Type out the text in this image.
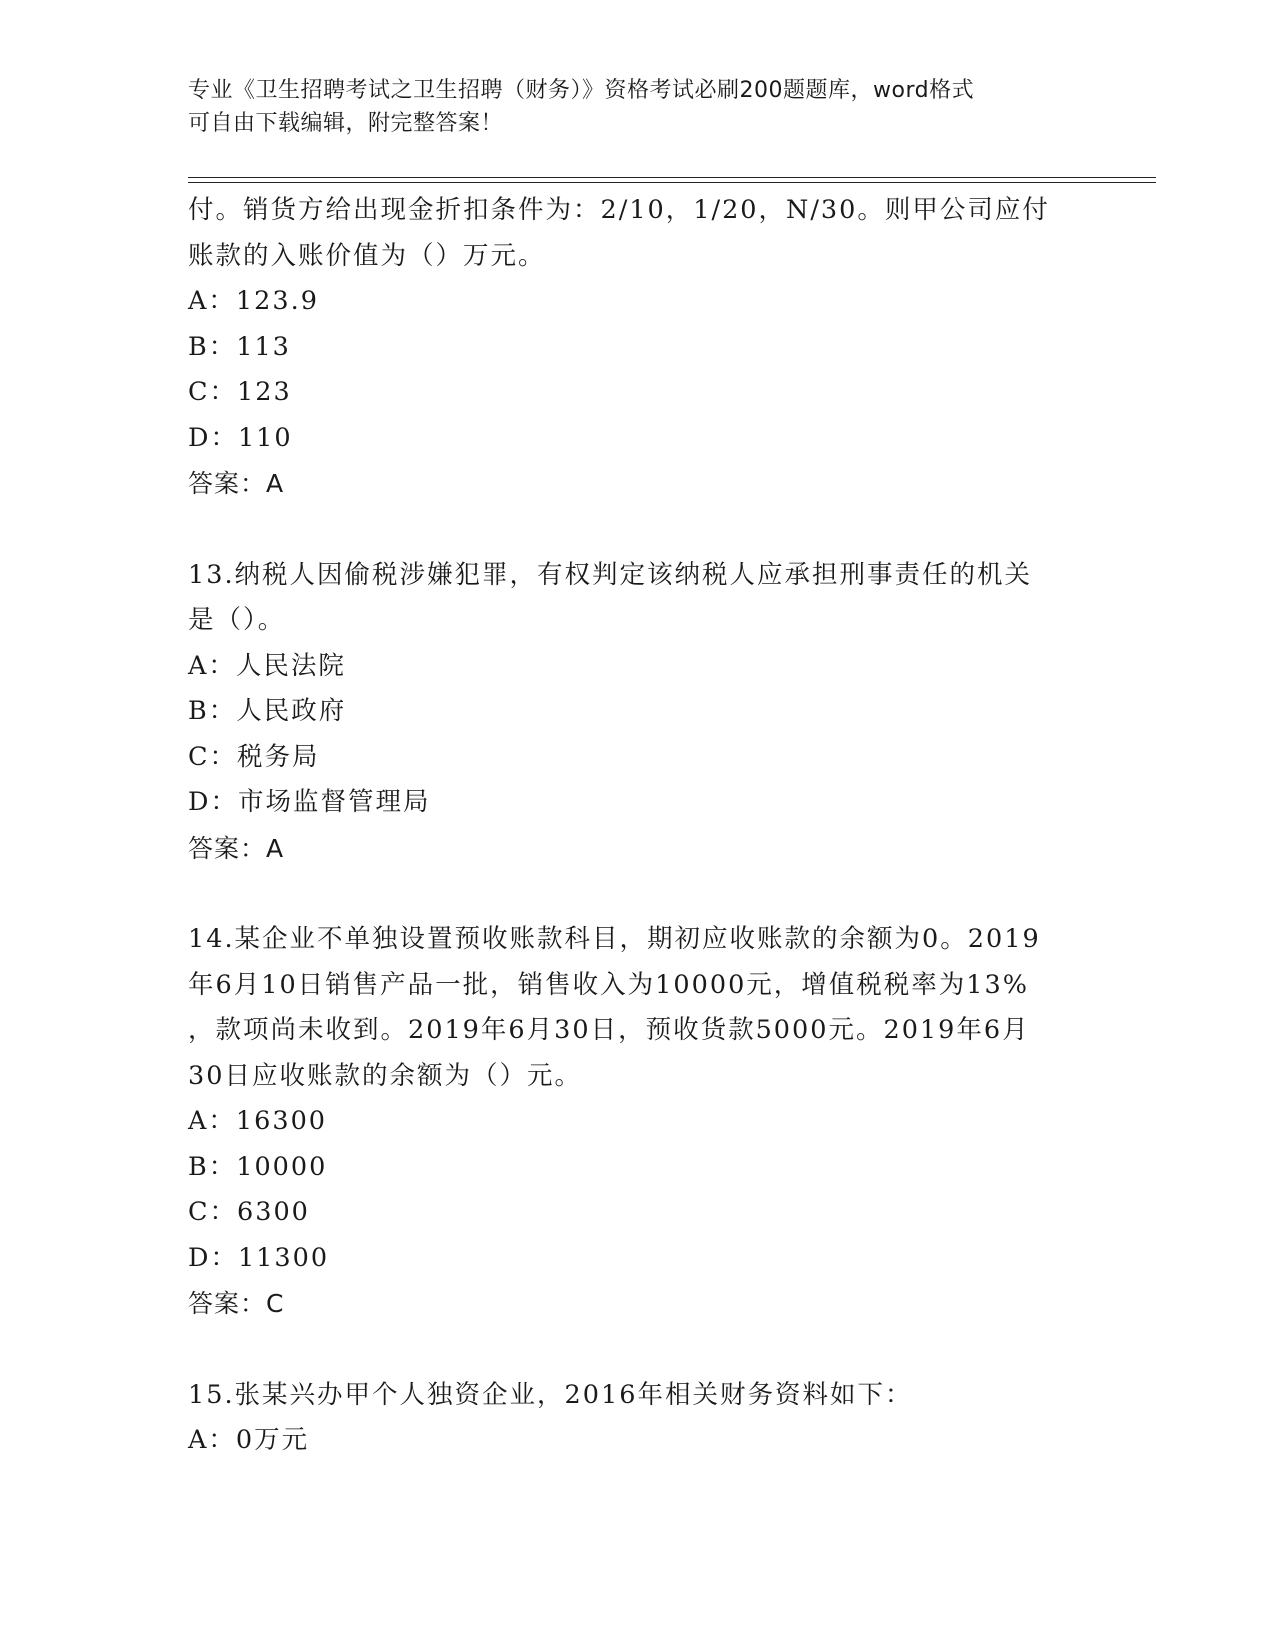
专业《卫生招聘考试之卫生招聘（财务）》资格考试必刷200题题库，word格式
可自由下载编辑，附完整答案！
付。销货方给出现金折扣条件为：2/10，1/20，N/30。则甲公司应付
账款的入账价值为（）万元。
A：123.9
B：113
C：123
D：110
答案：A
13.纳税人因偷税涉嫌犯罪，有权判定该纳税人应承担刑事责任的机关
是（）。
A：人民法院
B：人民政府
C：税务局
D：市场监督管理局
答案：A
14.某企业不单独设置预收账款科目，期初应收账款的余额为0。2019
年6月10日销售产品一批，销售收入为10000元，增值税税率为13%
，款项尚未收到。2019年6月30日，预收货款5000元。2019年6月
30日应收账款的余额为（）元。
A：16300
B：10000
C：6300
D：11300
答案：C
15.张某兴办甲个人独资企业，2016年相关财务资料如下：
A：0万元
